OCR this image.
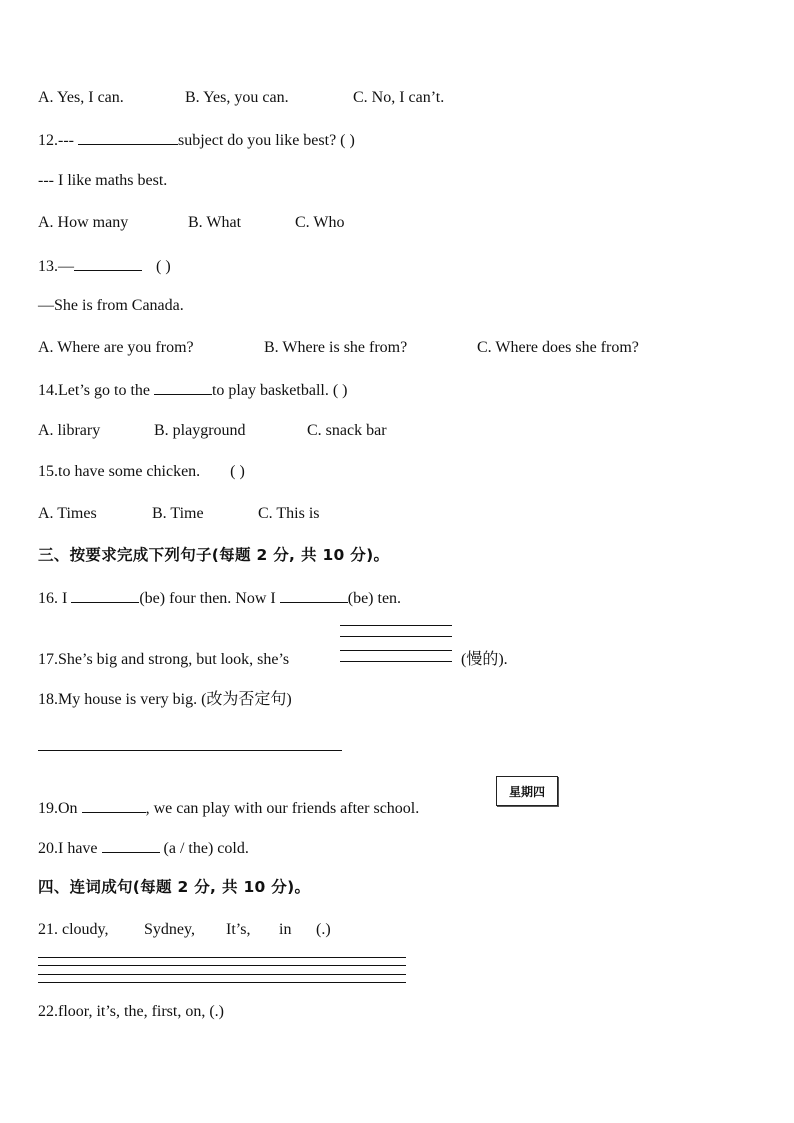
A. Yes, I can.	B. Yes, you can.	C. No, I can’t.
12.---	subject do you like best? ( )
--- I like maths best.
A. How many	B. What	C. Who
13.—	( )
—She is from Canada.
A. Where are you from?	B. Where is she from?	C. Where does she from?
14.Let’s go to the	to play basketball. ( )
A. library	B. playground	C. snack bar
15.to have some chicken. ( )
A. Times	B. Time	C. This is
三、按要求完成下列句子(每题 2 分, 共 10 分)。
16. I	(be) four then. Now I	(be) ten.
17.She’s big and strong, but look, she’s	(慢的).
18.My house is very big. (改为否定句)
19.On	, we can play with our friends after school.
星期四
20.I have	(a / the) cold.
四、连词成句(每题 2 分, 共 10 分)。
21. cloudy, Sydney, It’s, in (.)
22.floor, it’s, the, first, on, (.)
